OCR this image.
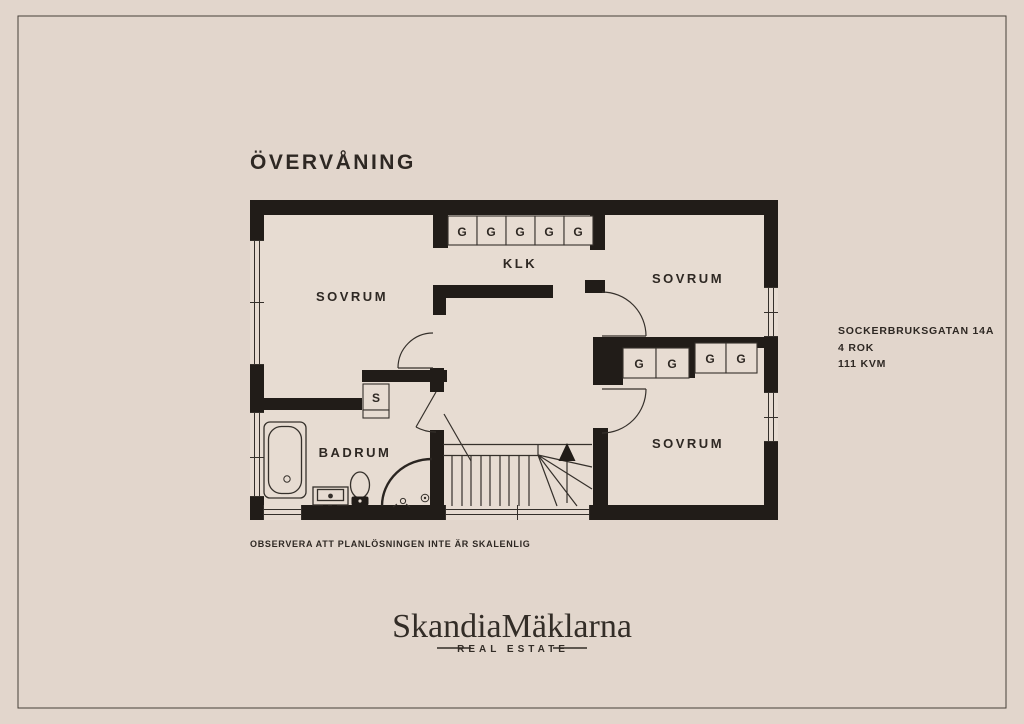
ÖVERVÅNING
G G G G G
G G G G
S
SOVRUM
KLK
SOVRUM
SOVRUM
BADRUM
SOCKERBRUKSGATAN 14A
4 ROK
111 KVM
OBSERVERA ATT PLANLÖSNINGEN INTE ÄR SKALENLIG
SkandiaMäklarna
REAL ESTATE
